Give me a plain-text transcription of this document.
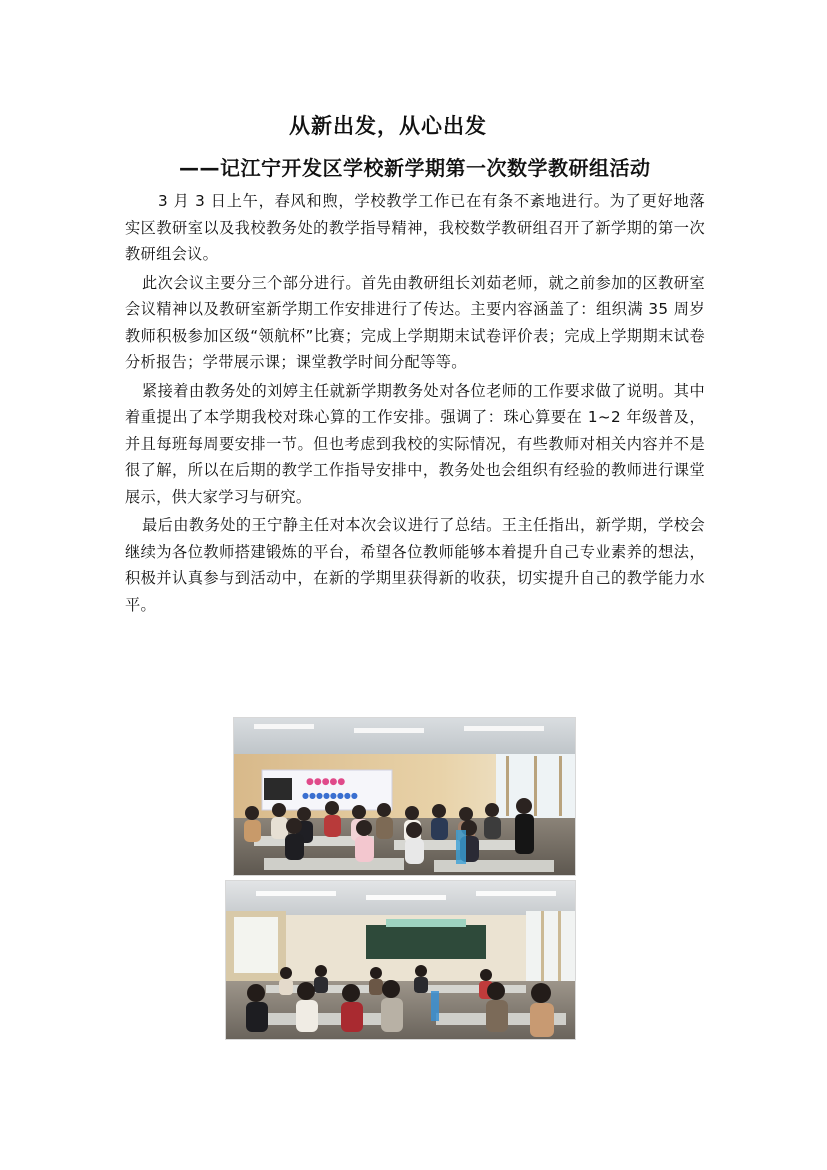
从新出发，从心出发
——记江宁开发区学校新学期第一次数学教研组活动

3 月 3 日上午，春风和煦，学校教学工作已在有条不紊地进行。为了更好地落实区教研室以及我校教务处的教学指导精神，我校数学教研组召开了新学期的第一次教研组会议。

此次会议主要分三个部分进行。首先由教研组长刘茹老师，就之前参加的区教研室会议精神以及教研室新学期工作安排进行了传达。主要内容涵盖了：组织满 35 周岁教师积极参加区级“领航杯”比赛；完成上学期期末试卷评价表；完成上学期期末试卷分析报告；学带展示课；课堂教学时间分配等等。

紧接着由教务处的刘婷主任就新学期教务处对各位老师的工作要求做了说明。其中着重提出了本学期我校对珠心算的工作安排。强调了：珠心算要在 1~2 年级普及，并且每班每周要安排一节。但也考虑到我校的实际情况，有些教师对相关内容并不是很了解，所以在后期的教学工作指导安排中，教务处也会组织有经验的教师进行课堂展示，供大家学习与研究。

最后由教务处的王宁静主任对本次会议进行了总结。王主任指出，新学期，学校会继续为各位教师搭建锻炼的平台，希望各位教师能够本着提升自己专业素养的想法，积极并认真参与到活动中，在新的学期里获得新的收获，切实提升自己的教学能力水平。

●●●●●
●●●●●●●●
